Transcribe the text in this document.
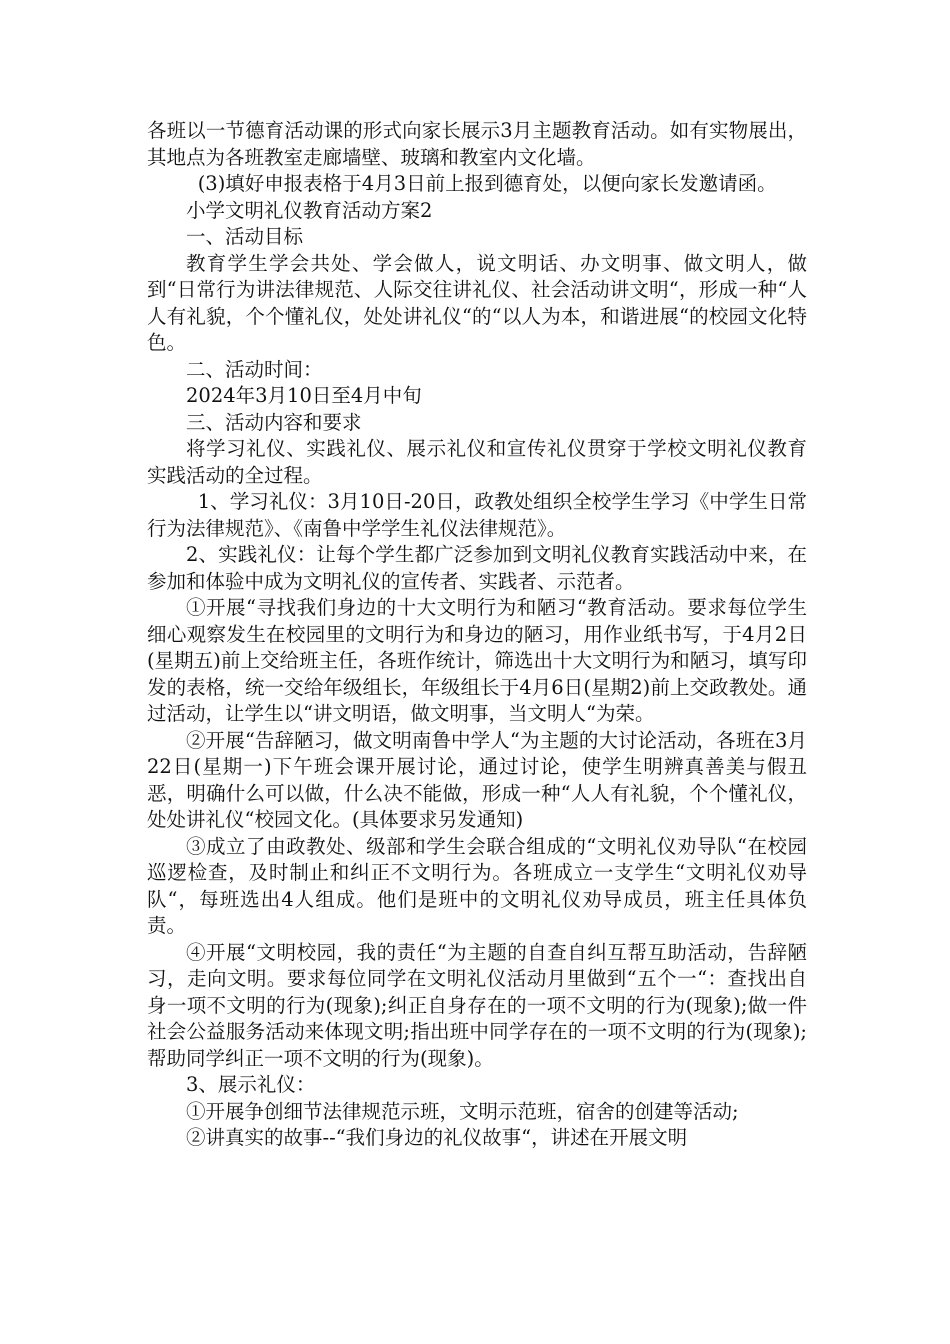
各班以一节德育活动课的形式向家长展示3月主题教育活动。如有实物展出，其地点为各班教室走廊墙壁、玻璃和教室内文化墙。

(3)填好申报表格于4月3日前上报到德育处，以便向家长发邀请函。

小学文明礼仪教育活动方案2

一、活动目标

教育学生学会共处、学会做人，说文明话、办文明事、做文明人，做到“日常行为讲法律规范、人际交往讲礼仪、社会活动讲文明“，形成一种“人人有礼貌，个个懂礼仪，处处讲礼仪“的“以人为本，和谐进展“的校园文化特色。

二、活动时间：

2024年3月10日至4月中旬

三、活动内容和要求

将学习礼仪、实践礼仪、展示礼仪和宣传礼仪贯穿于学校文明礼仪教育实践活动的全过程。

1、学习礼仪：3月10日-20日，政教处组织全校学生学习《中学生日常行为法律规范》、《南鲁中学学生礼仪法律规范》。

2、实践礼仪：让每个学生都广泛参加到文明礼仪教育实践活动中来，在参加和体验中成为文明礼仪的宣传者、实践者、示范者。

①开展“寻找我们身边的十大文明行为和陋习“教育活动。要求每位学生细心观察发生在校园里的文明行为和身边的陋习，用作业纸书写，于4月2日(星期五)前上交给班主任，各班作统计，筛选出十大文明行为和陋习，填写印发的表格，统一交给年级组长，年级组长于4月6日(星期2)前上交政教处。通过活动，让学生以“讲文明语，做文明事，当文明人“为荣。

②开展“告辞陋习，做文明南鲁中学人“为主题的大讨论活动，各班在3月22日(星期一)下午班会课开展讨论，通过讨论，使学生明辨真善美与假丑恶，明确什么可以做，什么决不能做，形成一种“人人有礼貌，个个懂礼仪，处处讲礼仪“校园文化。(具体要求另发通知)

③成立了由政教处、级部和学生会联合组成的“文明礼仪劝导队“在校园巡逻检查，及时制止和纠正不文明行为。各班成立一支学生“文明礼仪劝导队“，每班选出4人组成。他们是班中的文明礼仪劝导成员，班主任具体负责。

④开展“文明校园，我的责任“为主题的自查自纠互帮互助活动，告辞陋习，走向文明。要求每位同学在文明礼仪活动月里做到“五个一“：查找出自身一项不文明的行为(现象);纠正自身存在的一项不文明的行为(现象);做一件社会公益服务活动来体现文明;指出班中同学存在的一项不文明的行为(现象);帮助同学纠正一项不文明的行为(现象)。

3、展示礼仪：

①开展争创细节法律规范示班，文明示范班，宿舍的创建等活动;

②讲真实的故事--“我们身边的礼仪故事“，讲述在开展文明
